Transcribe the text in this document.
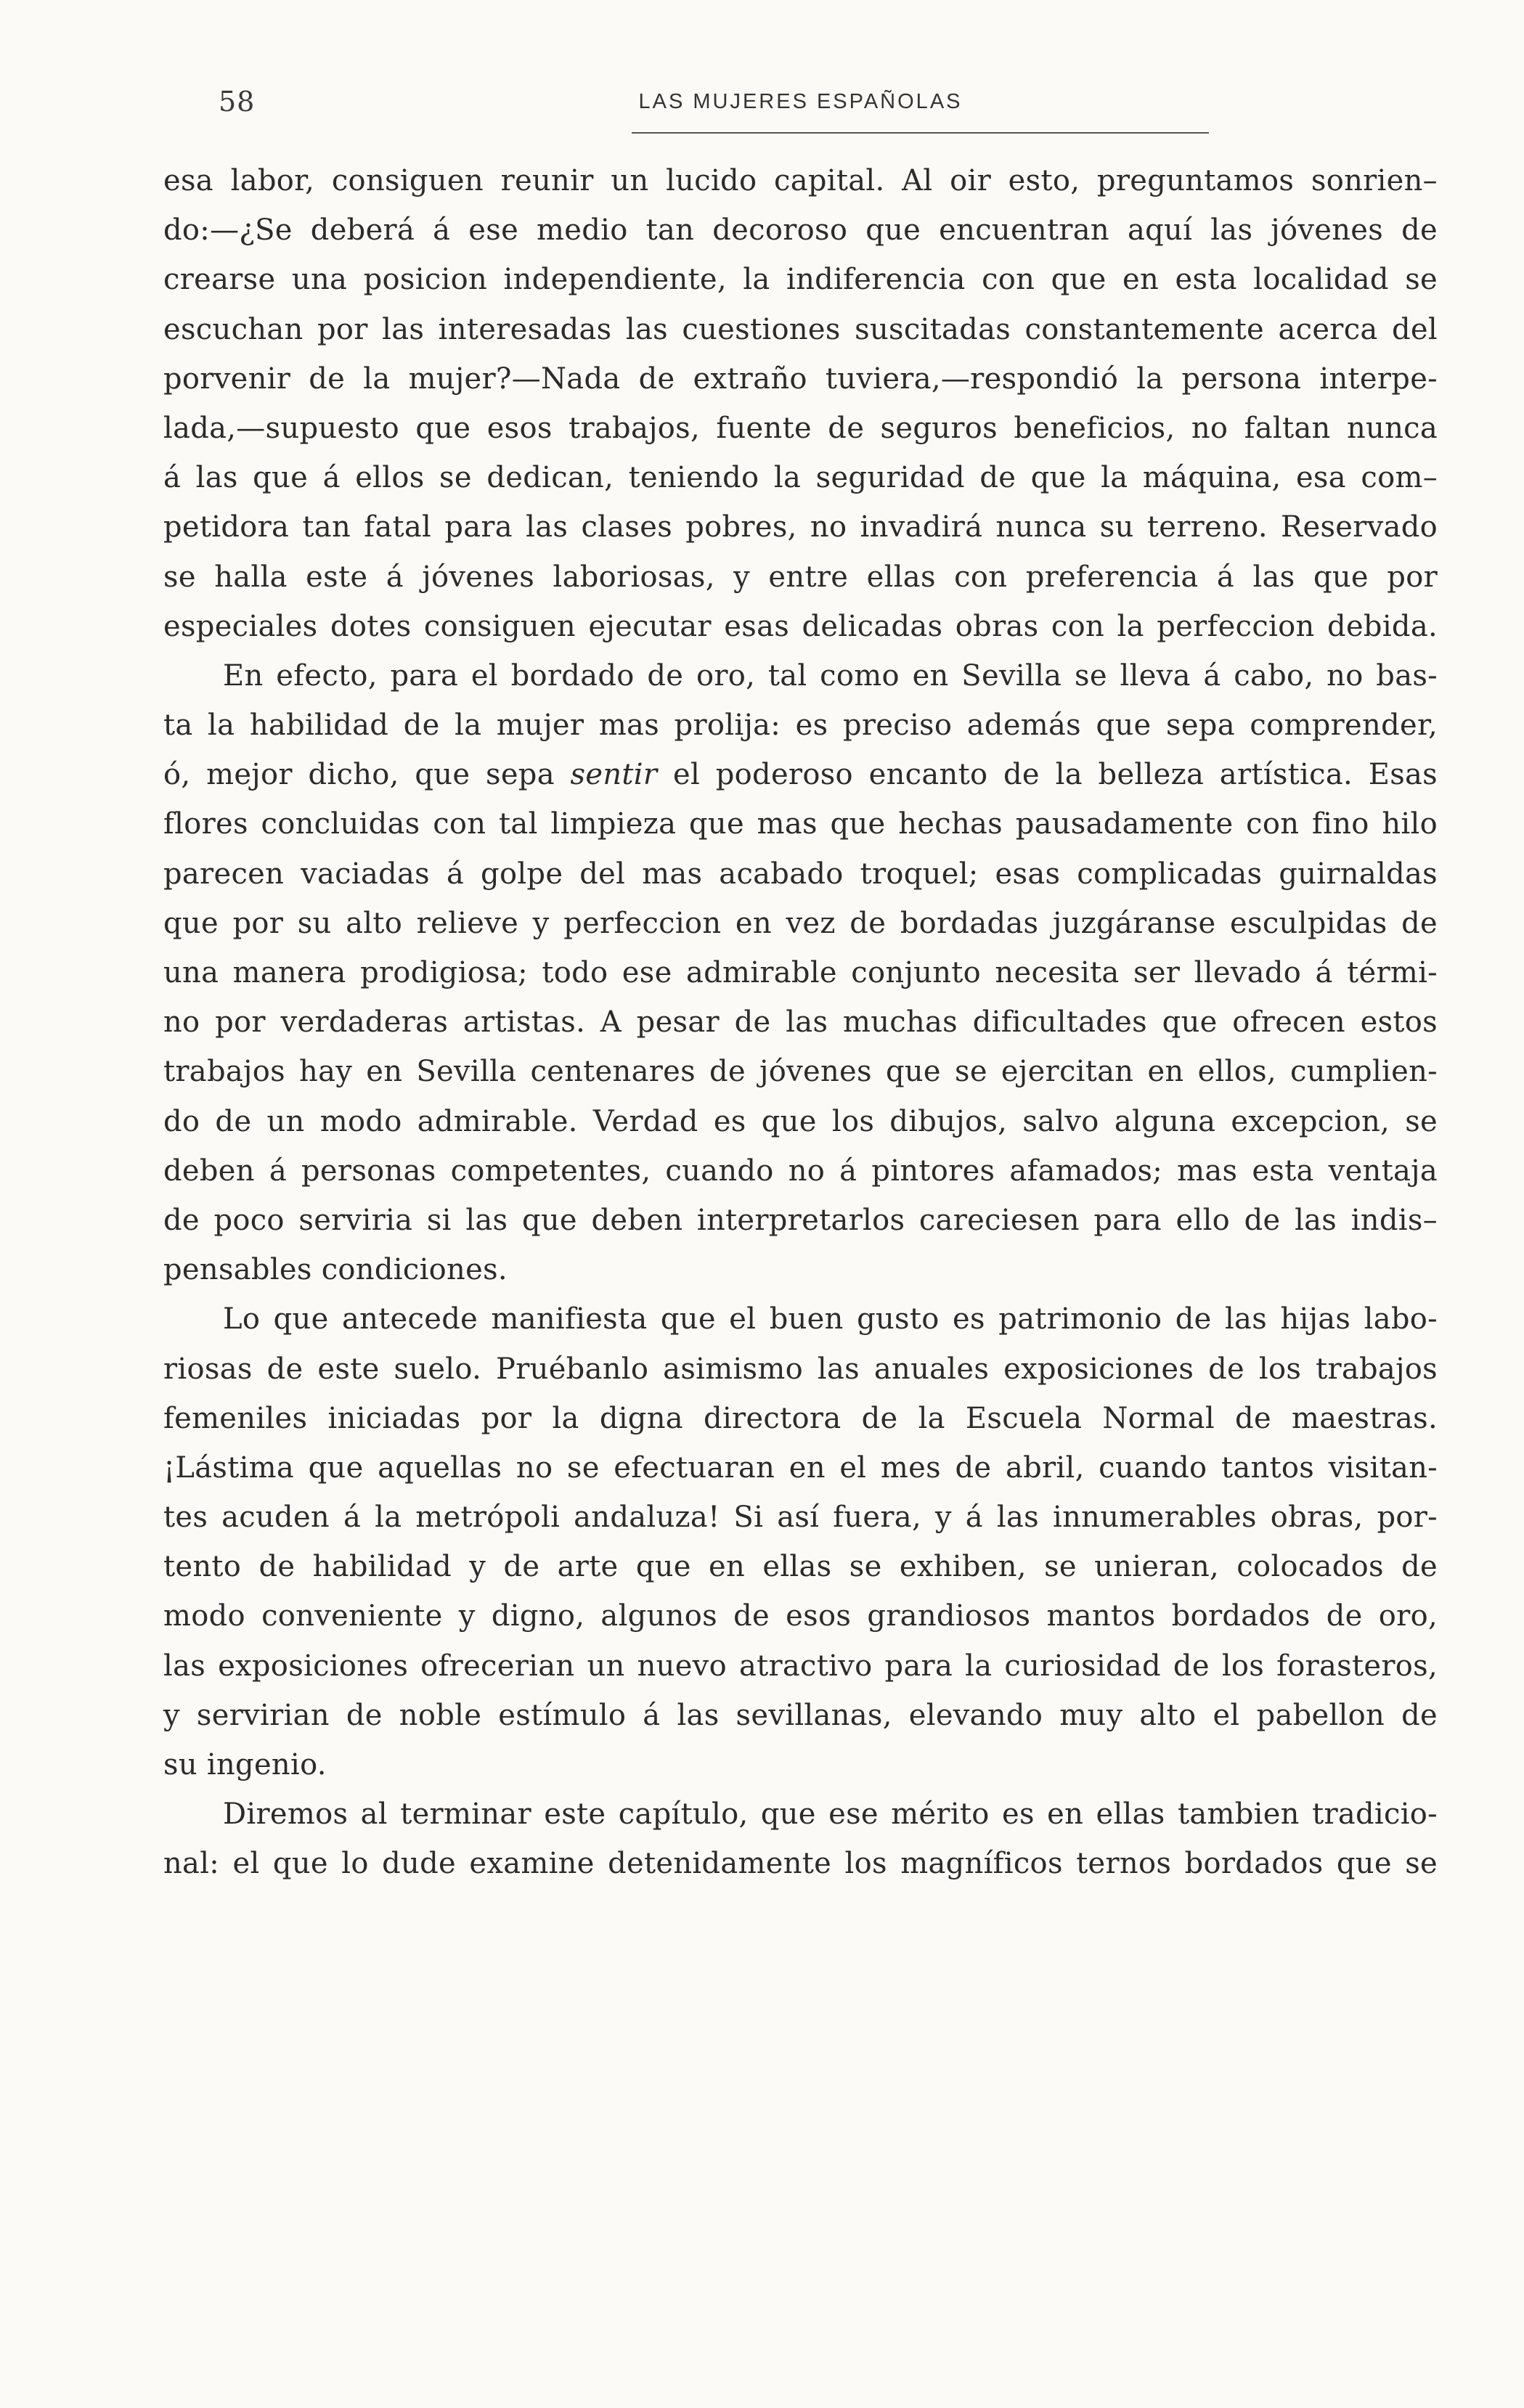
58	LAS MUJERES ESPAÑOLAS
esa labor, consiguen reunir un lucido capital. Al oir esto, preguntamos sonrien–
do:—¿Se deberá á ese medio tan decoroso que encuentran aquí las jóvenes de
crearse una posicion independiente, la indiferencia con que en esta localidad se
escuchan por las interesadas las cuestiones suscitadas constantemente acerca del
porvenir de la mujer?—Nada de extraño tuviera,—respondió la persona interpe-
lada,—supuesto que esos trabajos, fuente de seguros beneficios, no faltan nunca
á las que á ellos se dedican, teniendo la seguridad de que la máquina, esa com–
petidora tan fatal para las clases pobres, no invadirá nunca su terreno. Reservado
se halla este á jóvenes laboriosas, y entre ellas con preferencia á las que por
especiales dotes consiguen ejecutar esas delicadas obras con la perfeccion debida.
En efecto, para el bordado de oro, tal como en Sevilla se lleva á cabo, no bas-
ta la habilidad de la mujer mas prolija: es preciso además que sepa comprender,
ó, mejor dicho, que sepa sentir el poderoso encanto de la belleza artística. Esas
flores concluidas con tal limpieza que mas que hechas pausadamente con fino hilo
parecen vaciadas á golpe del mas acabado troquel; esas complicadas guirnaldas
que por su alto relieve y perfeccion en vez de bordadas juzgáranse esculpidas de
una manera prodigiosa; todo ese admirable conjunto necesita ser llevado á térmi-
no por verdaderas artistas. A pesar de las muchas dificultades que ofrecen estos
trabajos hay en Sevilla centenares de jóvenes que se ejercitan en ellos, cumplien-
do de un modo admirable. Verdad es que los dibujos, salvo alguna excepcion, se
deben á personas competentes, cuando no á pintores afamados; mas esta ventaja
de poco serviria si las que deben interpretarlos careciesen para ello de las indis–
pensables condiciones.
Lo que antecede manifiesta que el buen gusto es patrimonio de las hijas labo-
riosas de este suelo. Pruébanlo asimismo las anuales exposiciones de los trabajos
femeniles iniciadas por la digna directora de la Escuela Normal de maestras.
¡Lástima que aquellas no se efectuaran en el mes de abril, cuando tantos visitan-
tes acuden á la metrópoli andaluza! Si así fuera, y á las innumerables obras, por-
tento de habilidad y de arte que en ellas se exhiben, se unieran, colocados de
modo conveniente y digno, algunos de esos grandiosos mantos bordados de oro,
las exposiciones ofrecerian un nuevo atractivo para la curiosidad de los forasteros,
y servirian de noble estímulo á las sevillanas, elevando muy alto el pabellon de
su ingenio.
Diremos al terminar este capítulo, que ese mérito es en ellas tambien tradicio-
nal: el que lo dude examine detenidamente los magníficos ternos bordados que se
